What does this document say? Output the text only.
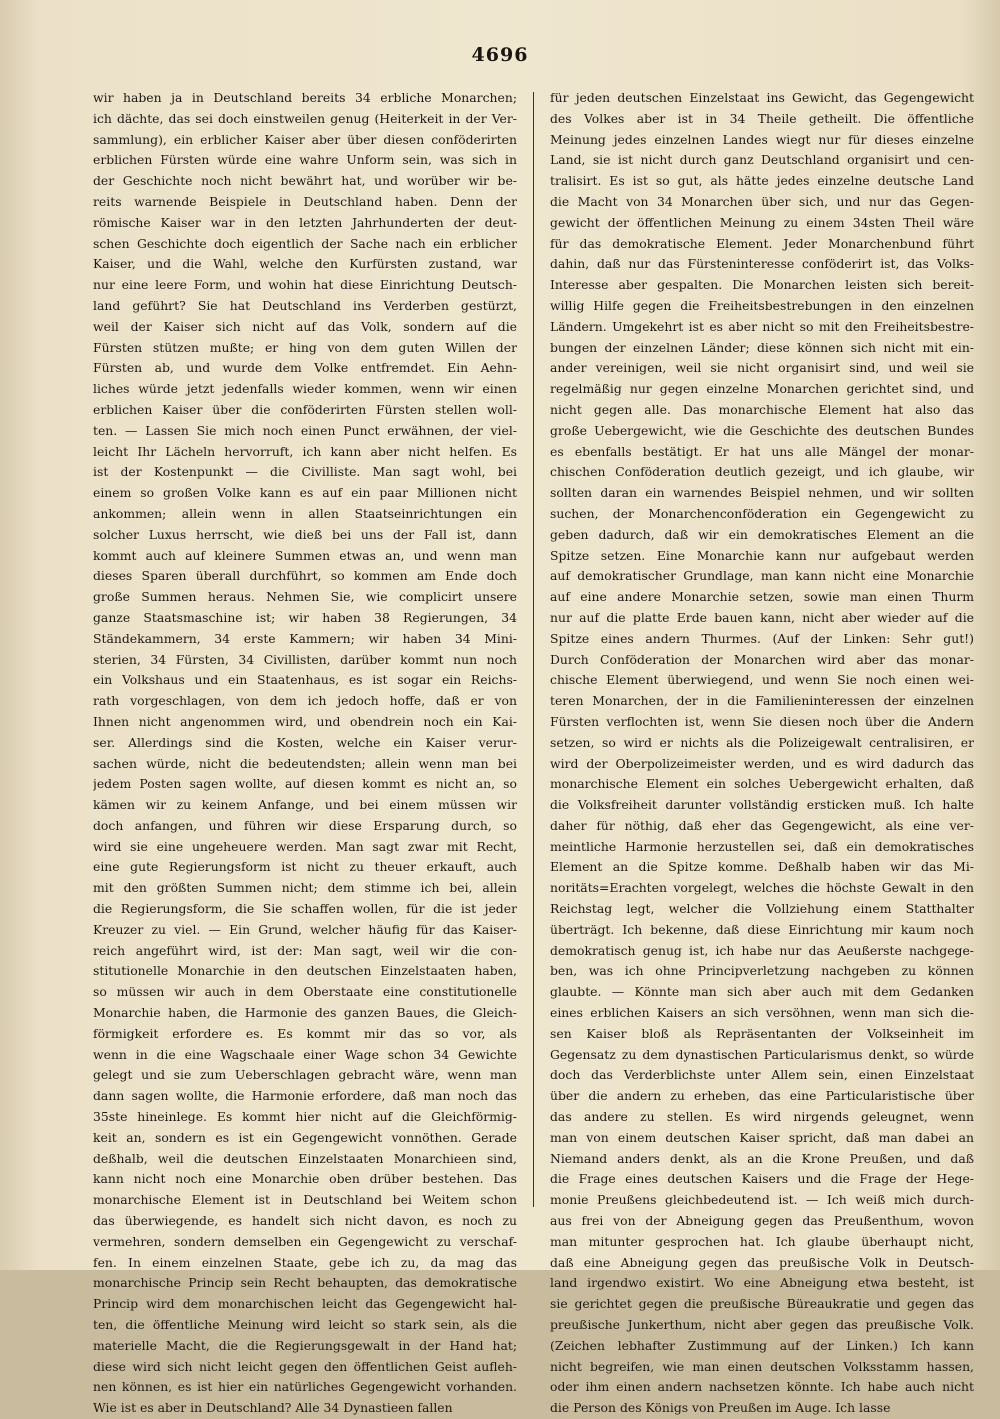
4696
wir haben ja in Deutschland bereits 34 erbliche Monarchen;
ich dächte, das sei doch einstweilen genug (Heiterkeit in der Ver-
sammlung), ein erblicher Kaiser aber über diesen conföderirten
erblichen Fürsten würde eine wahre Unform sein, was sich in
der Geschichte noch nicht bewährt hat, und worüber wir be-
reits warnende Beispiele in Deutschland haben. Denn der
römische Kaiser war in den letzten Jahrhunderten der deut-
schen Geschichte doch eigentlich der Sache nach ein erblicher
Kaiser, und die Wahl, welche den Kurfürsten zustand, war
nur eine leere Form, und wohin hat diese Einrichtung Deutsch-
land geführt? Sie hat Deutschland ins Verderben gestürzt,
weil der Kaiser sich nicht auf das Volk, sondern auf die
Fürsten stützen mußte; er hing von dem guten Willen der
Fürsten ab, und wurde dem Volke entfremdet. Ein Aehn-
liches würde jetzt jedenfalls wieder kommen, wenn wir einen
erblichen Kaiser über die conföderirten Fürsten stellen woll-
ten. — Lassen Sie mich noch einen Punct erwähnen, der viel-
leicht Ihr Lächeln hervorruft, ich kann aber nicht helfen. Es
ist der Kostenpunkt — die Civilliste. Man sagt wohl, bei
einem so großen Volke kann es auf ein paar Millionen nicht
ankommen; allein wenn in allen Staatseinrichtungen ein
solcher Luxus herrscht, wie dieß bei uns der Fall ist, dann
kommt auch auf kleinere Summen etwas an, und wenn man
dieses Sparen überall durchführt, so kommen am Ende doch
große Summen heraus. Nehmen Sie, wie complicirt unsere
ganze Staatsmaschine ist; wir haben 38 Regierungen, 34
Ständekammern, 34 erste Kammern; wir haben 34 Mini-
sterien, 34 Fürsten, 34 Civillisten, darüber kommt nun noch
ein Volkshaus und ein Staatenhaus, es ist sogar ein Reichs-
rath vorgeschlagen, von dem ich jedoch hoffe, daß er von
Ihnen nicht angenommen wird, und obendrein noch ein Kai-
ser. Allerdings sind die Kosten, welche ein Kaiser verur-
sachen würde, nicht die bedeutendsten; allein wenn man bei
jedem Posten sagen wollte, auf diesen kommt es nicht an, so
kämen wir zu keinem Anfange, und bei einem müssen wir
doch anfangen, und führen wir diese Ersparung durch, so
wird sie eine ungeheuere werden. Man sagt zwar mit Recht,
eine gute Regierungsform ist nicht zu theuer erkauft, auch
mit den größten Summen nicht; dem stimme ich bei, allein
die Regierungsform, die Sie schaffen wollen, für die ist jeder
Kreuzer zu viel. — Ein Grund, welcher häufig für das Kaiser-
reich angeführt wird, ist der: Man sagt, weil wir die con-
stitutionelle Monarchie in den deutschen Einzelstaaten haben,
so müssen wir auch in dem Oberstaate eine constitutionelle
Monarchie haben, die Harmonie des ganzen Baues, die Gleich-
förmigkeit erfordere es. Es kommt mir das so vor, als
wenn in die eine Wagschaale einer Wage schon 34 Gewichte
gelegt und sie zum Ueberschlagen gebracht wäre, wenn man
dann sagen wollte, die Harmonie erfordere, daß man noch das
35ste hineinlege. Es kommt hier nicht auf die Gleichförmig-
keit an, sondern es ist ein Gegengewicht vonnöthen. Gerade
deßhalb, weil die deutschen Einzelstaaten Monarchieen sind,
kann nicht noch eine Monarchie oben drüber bestehen. Das
monarchische Element ist in Deutschland bei Weitem schon
das überwiegende, es handelt sich nicht davon, es noch zu
vermehren, sondern demselben ein Gegengewicht zu verschaf-
fen. In einem einzelnen Staate, gebe ich zu, da mag das
monarchische Princip sein Recht behaupten, das demokratische
Princip wird dem monarchischen leicht das Gegengewicht hal-
ten, die öffentliche Meinung wird leicht so stark sein, als die
materielle Macht, die die Regierungsgewalt in der Hand hat;
diese wird sich nicht leicht gegen den öffentlichen Geist aufleh-
nen können, es ist hier ein natürliches Gegengewicht vorhanden.
Wie ist es aber in Deutschland? Alle 34 Dynastieen fallen
für jeden deutschen Einzelstaat ins Gewicht, das Gegengewicht
des Volkes aber ist in 34 Theile getheilt. Die öffentliche
Meinung jedes einzelnen Landes wiegt nur für dieses einzelne
Land, sie ist nicht durch ganz Deutschland organisirt und cen-
tralisirt. Es ist so gut, als hätte jedes einzelne deutsche Land
die Macht von 34 Monarchen über sich, und nur das Gegen-
gewicht der öffentlichen Meinung zu einem 34sten Theil wäre
für das demokratische Element. Jeder Monarchenbund führt
dahin, daß nur das Fürsteninteresse conföderirt ist, das Volks-
Interesse aber gespalten. Die Monarchen leisten sich bereit-
willig Hilfe gegen die Freiheitsbestrebungen in den einzelnen
Ländern. Umgekehrt ist es aber nicht so mit den Freiheitsbestre-
bungen der einzelnen Länder; diese können sich nicht mit ein-
ander vereinigen, weil sie nicht organisirt sind, und weil sie
regelmäßig nur gegen einzelne Monarchen gerichtet sind, und
nicht gegen alle. Das monarchische Element hat also das
große Uebergewicht, wie die Geschichte des deutschen Bundes
es ebenfalls bestätigt. Er hat uns alle Mängel der monar-
chischen Conföderation deutlich gezeigt, und ich glaube, wir
sollten daran ein warnendes Beispiel nehmen, und wir sollten
suchen, der Monarchenconföderation ein Gegengewicht zu
geben dadurch, daß wir ein demokratisches Element an die
Spitze setzen. Eine Monarchie kann nur aufgebaut werden
auf demokratischer Grundlage, man kann nicht eine Monarchie
auf eine andere Monarchie setzen, sowie man einen Thurm
nur auf die platte Erde bauen kann, nicht aber wieder auf die
Spitze eines andern Thurmes. (Auf der Linken: Sehr gut!)
Durch Conföderation der Monarchen wird aber das monar-
chische Element überwiegend, und wenn Sie noch einen wei-
teren Monarchen, der in die Familieninteressen der einzelnen
Fürsten verflochten ist, wenn Sie diesen noch über die Andern
setzen, so wird er nichts als die Polizeigewalt centralisiren, er
wird der Oberpolizeimeister werden, und es wird dadurch das
monarchische Element ein solches Uebergewicht erhalten, daß
die Volksfreiheit darunter vollständig ersticken muß. Ich halte
daher für nöthig, daß eher das Gegengewicht, als eine ver-
meintliche Harmonie herzustellen sei, daß ein demokratisches
Element an die Spitze komme. Deßhalb haben wir das Mi-
noritäts=Erachten vorgelegt, welches die höchste Gewalt in den
Reichstag legt, welcher die Vollziehung einem Statthalter
überträgt. Ich bekenne, daß diese Einrichtung mir kaum noch
demokratisch genug ist, ich habe nur das Aeußerste nachgege-
ben, was ich ohne Principverletzung nachgeben zu können
glaubte. — Könnte man sich aber auch mit dem Gedanken
eines erblichen Kaisers an sich versöhnen, wenn man sich die-
sen Kaiser bloß als Repräsentanten der Volkseinheit im
Gegensatz zu dem dynastischen Particularismus denkt, so würde
doch das Verderblichste unter Allem sein, einen Einzelstaat
über die andern zu erheben, das eine Particularistische über
das andere zu stellen. Es wird nirgends geleugnet, wenn
man von einem deutschen Kaiser spricht, daß man dabei an
Niemand anders denkt, als an die Krone Preußen, und daß
die Frage eines deutschen Kaisers und die Frage der Hege-
monie Preußens gleichbedeutend ist. — Ich weiß mich durch-
aus frei von der Abneigung gegen das Preußenthum, wovon
man mitunter gesprochen hat. Ich glaube überhaupt nicht,
daß eine Abneigung gegen das preußische Volk in Deutsch-
land irgendwo existirt. Wo eine Abneigung etwa besteht, ist
sie gerichtet gegen die preußische Büreaukratie und gegen das
preußische Junkerthum, nicht aber gegen das preußische Volk.
(Zeichen lebhafter Zustimmung auf der Linken.) Ich kann
nicht begreifen, wie man einen deutschen Volksstamm hassen,
oder ihm einen andern nachsetzen könnte. Ich habe auch nicht
die Person des Königs von Preußen im Auge. Ich lasse
